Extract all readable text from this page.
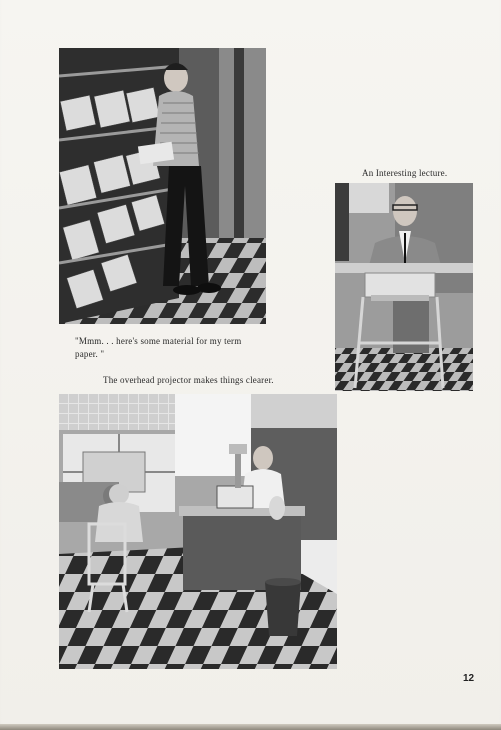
An Interesting lecture.
"Mmm. . . here's some material for my term
paper. "
The overhead projector makes things clearer.
12
